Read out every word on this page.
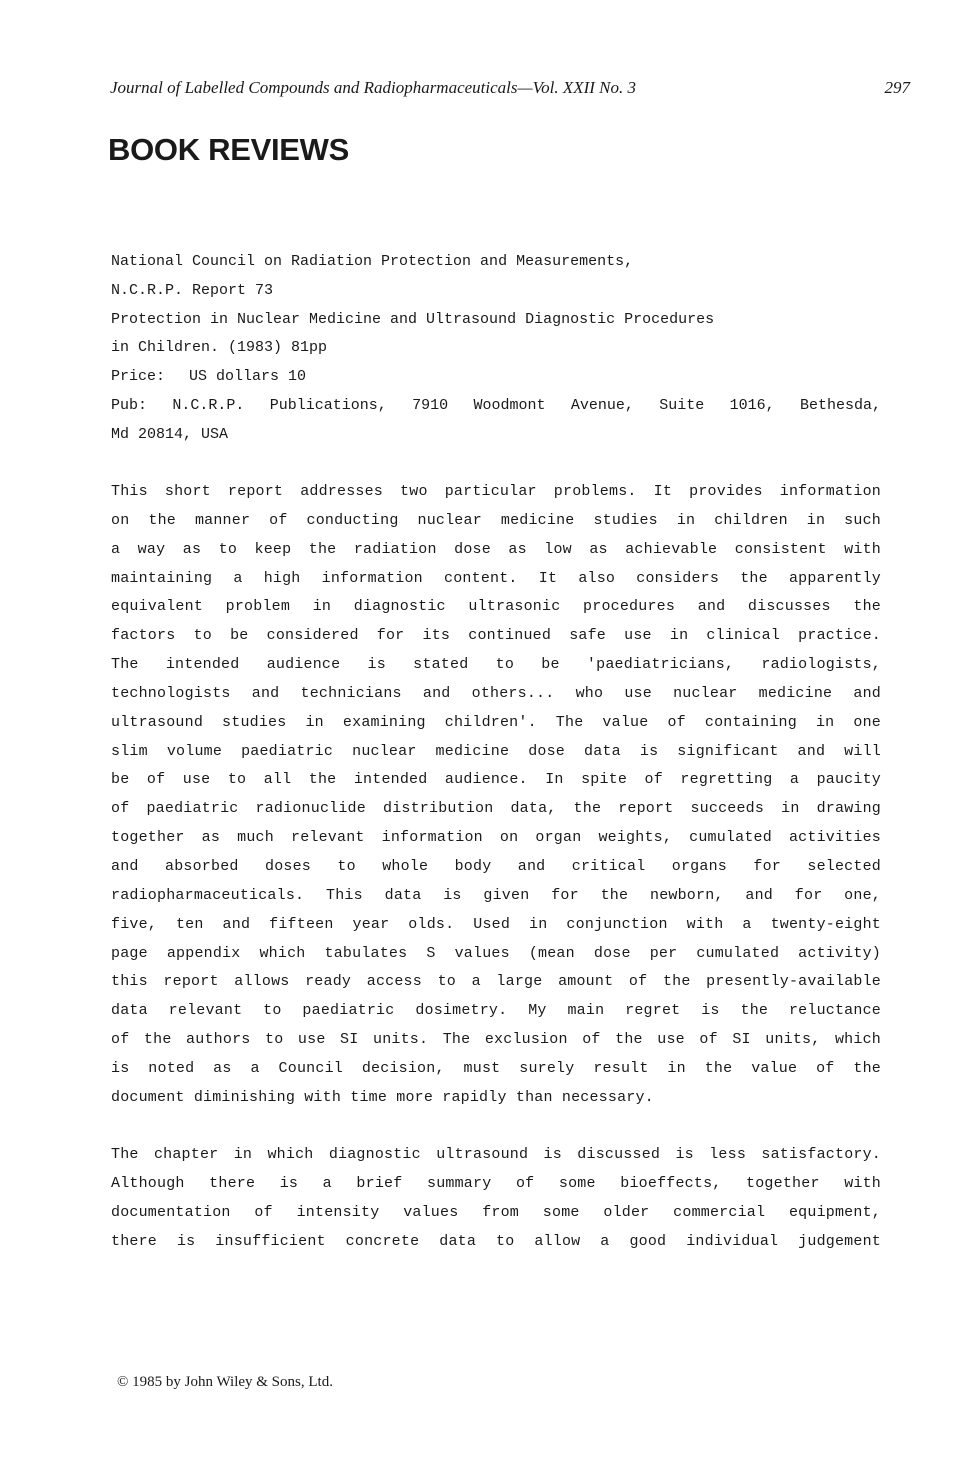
Journal of Labelled Compounds and Radiopharmaceuticals—Vol. XXII No. 3	297
BOOK REVIEWS
National Council on Radiation Protection and Measurements,
N.C.R.P. Report 73
Protection in Nuclear Medicine and Ultrasound Diagnostic Procedures
in Children. (1983) 81pp
Price: US dollars 10
Pub: N.C.R.P. Publications, 7910 Woodmont Avenue, Suite 1016, Bethesda,
Md 20814, USA
This short report addresses two particular problems. It provides information
on the manner of conducting nuclear medicine studies in children in such
a way as to keep the radiation dose as low as achievable consistent with
maintaining a high information content. It also considers the apparently
equivalent problem in diagnostic ultrasonic procedures and discusses the
factors to be considered for its continued safe use in clinical practice.
The intended audience is stated to be 'paediatricians, radiologists,
technologists and technicians and others... who use nuclear medicine and
ultrasound studies in examining children'. The value of containing in one
slim volume paediatric nuclear medicine dose data is significant and will
be of use to all the intended audience. In spite of regretting a paucity
of paediatric radionuclide distribution data, the report succeeds in drawing
together as much relevant information on organ weights, cumulated activities
and absorbed doses to whole body and critical organs for selected
radiopharmaceuticals. This data is given for the newborn, and for one,
five, ten and fifteen year olds. Used in conjunction with a twenty-eight
page appendix which tabulates S values (mean dose per cumulated activity)
this report allows ready access to a large amount of the presently-available
data relevant to paediatric dosimetry. My main regret is the reluctance
of the authors to use SI units. The exclusion of the use of SI units, which
is noted as a Council decision, must surely result in the value of the
document diminishing with time more rapidly than necessary.
The chapter in which diagnostic ultrasound is discussed is less satisfactory.
Although there is a brief summary of some bioeffects, together with
documentation of intensity values from some older commercial equipment,
there is insufficient concrete data to allow a good individual judgement
© 1985 by John Wiley & Sons, Ltd.
